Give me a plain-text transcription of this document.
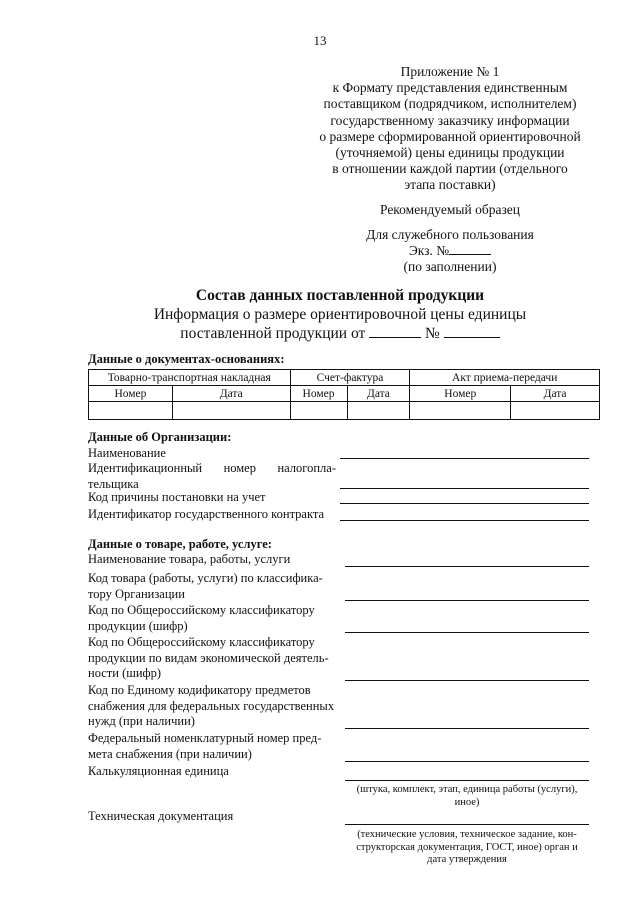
13
Приложение № 1
к Формату представления единственным
поставщиком (подрядчиком, исполнителем)
государственному заказчику информации
о размере сформированной ориентировочной
(уточняемой) цены единицы продукции
в отношении каждой партии (отдельного
этапа поставки)
Рекомендуемый образец
Для служебного пользования
Экз. №
(по заполнении)
Состав данных поставленной продукции
Информация о размере ориентировочной цены единицы
поставленной продукции от	№
Данные о документах-основаниях:
Товарно-транспортная накладная		Счет-фактура		Акт приема-передачи	
Номер	Дата	Номер	Дата	Номер	Дата

Данные об Организации:
Наименование
Идентификационный номер налогопла-
тельщика
Код причины постановки на учет
Идентификатор государственного контракта
Данные о товаре, работе, услуге:
Наименование товара, работы, услуги
Код товара (работы, услуги) по классифика-
тору Организации
Код по Общероссийскому классификатору
продукции (шифр)
Код по Общероссийскому классификатору
продукции по видам экономической деятель-
ности (шифр)
Код по Единому кодификатору предметов
снабжения для федеральных государственных
нужд (при наличии)
Федеральный номенклатурный номер пред-
мета снабжения (при наличии)
Калькуляционная единица
(штука, комплект, этап, единица работы (услуги),
иное)
Техническая документация
(технические условия, техническое задание, кон-
структорская документация, ГОСТ, иное) орган и
дата утверждения
